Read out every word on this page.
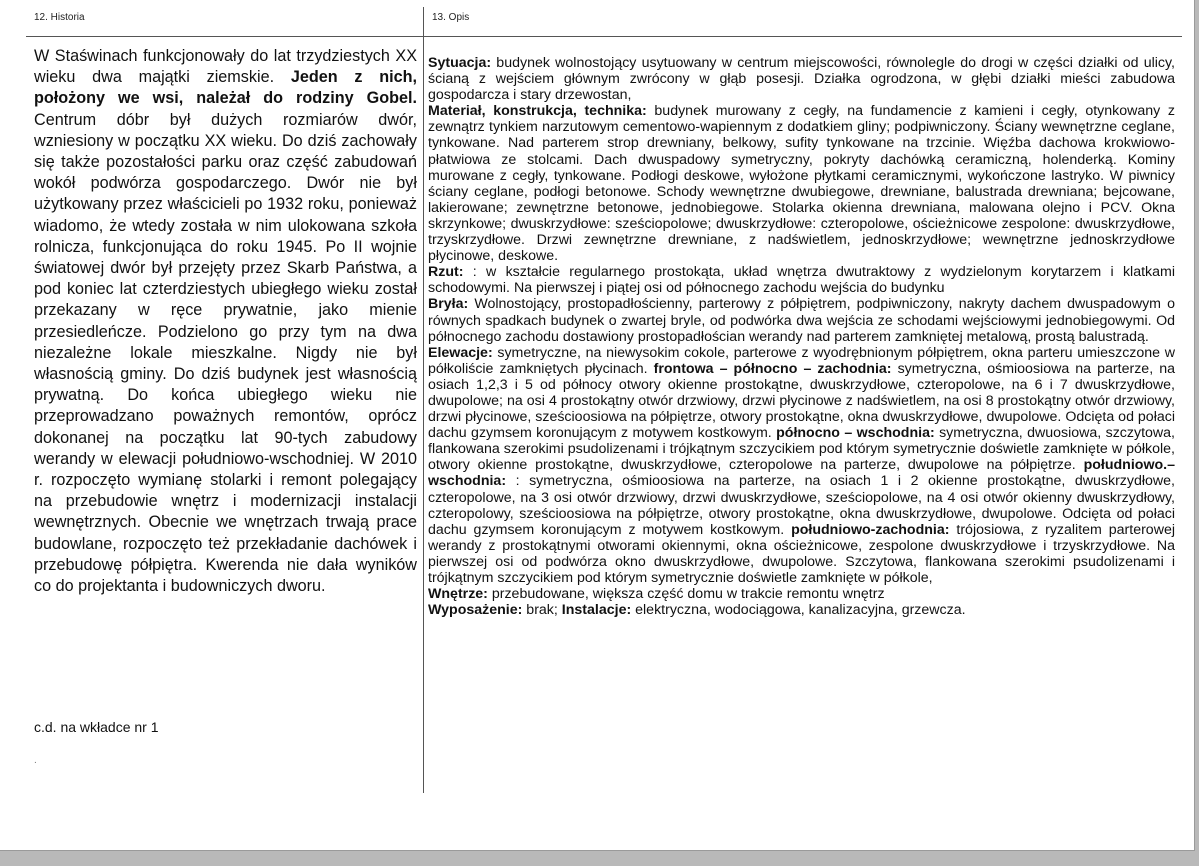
12. Historia	13. Opis

W Staświnach funkcjonowały do lat trzydziestych XX wieku dwa majątki ziemskie. Jeden z nich, położony we wsi, należał do rodziny Gobel. Centrum dóbr był dużych rozmiarów dwór, wzniesiony w początku XX wieku. Do dziś zachowały się także pozostałości parku oraz część zabudowań wokół podwórza gospodarczego. Dwór nie był użytkowany przez właścicieli po 1932 roku, ponieważ wiadomo, że wtedy została w nim ulokowana szkoła rolnicza, funkcjonująca do roku 1945. Po II wojnie światowej dwór był przejęty przez Skarb Państwa, a pod koniec lat czterdziestych ubiegłego wieku został przekazany w ręce prywatnie, jako mienie przesiedleńcze. Podzielono go przy tym na dwa niezależne lokale mieszkalne. Nigdy nie był własnością gminy. Do dziś budynek jest własnością prywatną. Do końca ubiegłego wieku nie przeprowadzano poważnych remontów, oprócz dokonanej na początku lat 90-tych zabudowy werandy w elewacji południowo-wschodniej. W 2010 r. rozpoczęto wymianę stolarki i remont polegający na przebudowie wnętrz i modernizacji instalacji wewnętrznych. Obecnie we wnętrzach trwają prace budowlane, rozpoczęto też przekładanie dachówek i przebudowę półpiętra. Kwerenda nie dała wyników co do projektanta i budowniczych dworu.

c.d. na wkładce nr 1
.

Sytuacja: budynek wolnostojący usytuowany w centrum miejscowości, równolegle do drogi w części działki od ulicy, ścianą z wejściem głównym zwrócony w głąb posesji. Działka ogrodzona, w głębi działki mieści zabudowa gospodarcza i stary drzewostan,

Materiał, konstrukcja, technika: budynek murowany z cegły, na fundamencie z kamieni i cegły, otynkowany z zewnątrz tynkiem narzutowym cementowo-wapiennym z dodatkiem gliny; podpiwniczony. Ściany wewnętrzne ceglane, tynkowane. Nad parterem strop drewniany, belkowy, sufity tynkowane na trzcinie. Więźba dachowa krokwiowo-płatwiowa ze stolcami. Dach dwuspadowy symetryczny, pokryty dachówką ceramiczną, holenderką. Kominy murowane z cegły, tynkowane. Podłogi deskowe, wyłożone płytkami ceramicznymi, wykończone lastryko. W piwnicy ściany ceglane, podłogi betonowe. Schody wewnętrzne dwubiegowe, drewniane, balustrada drewniana; bejcowane, lakierowane; zewnętrzne betonowe, jednobiegowe. Stolarka okienna drewniana, malowana olejno i PCV. Okna skrzynkowe; dwuskrzydłowe: sześciopolowe; dwuskrzydłowe: czteropolowe, ościeżnicowe zespolone: dwuskrzydłowe, trzyskrzydłowe. Drzwi zewnętrzne drewniane, z nadświetlem, jednoskrzydłowe; wewnętrzne jednoskrzydłowe płycinowe, deskowe.

Rzut: : w kształcie regularnego prostokąta, układ wnętrza dwutraktowy z wydzielonym korytarzem i klatkami schodowymi. Na pierwszej i piątej osi od północnego zachodu wejścia do budynku

Bryła: Wolnostojący, prostopadłościenny, parterowy z półpiętrem, podpiwniczony, nakryty dachem dwuspadowym o równych spadkach budynek o zwartej bryle, od podwórka dwa wejścia ze schodami wejściowymi jednobiegowymi. Od północnego zachodu dostawiony prostopadłościan werandy nad parterem zamkniętej metalową, prostą balustradą.

Elewacje: symetryczne, na niewysokim cokole, parterowe z wyodrębnionym półpiętrem, okna parteru umieszczone w półkoliście zamkniętych płycinach. frontowa – północno – zachodnia: symetryczna, ośmioosiowa na parterze, na osiach 1,2,3 i 5 od północy otwory okienne prostokątne, dwuskrzydłowe, czteropolowe, na 6 i 7 dwuskrzydłowe, dwupolowe; na osi 4 prostokątny otwór drzwiowy, drzwi płycinowe z nadświetlem, na osi 8 prostokątny otwór drzwiowy, drzwi płycinowe, sześcioosiowa na półpiętrze, otwory prostokątne, okna dwuskrzydłowe, dwupolowe. Odcięta od połaci dachu gzymsem koronującym z motywem kostkowym. północno – wschodnia: symetryczna, dwuosiowa, szczytowa, flankowana szerokimi psudolizenami i trójkątnym szczycikiem pod którym symetrycznie doświetle zamknięte w półkole, otwory okienne prostokątne, dwuskrzydłowe, czteropolowe na parterze, dwupolowe na półpiętrze. południowo.–wschodnia: : symetryczna, ośmioosiowa na parterze, na osiach 1 i 2 okienne prostokątne, dwuskrzydłowe, czteropolowe, na 3 osi otwór drzwiowy, drzwi dwuskrzydłowe, sześciopolowe, na 4 osi otwór okienny dwuskrzydłowy, czteropolowy, sześcioosiowa na półpiętrze, otwory prostokątne, okna dwuskrzydłowe, dwupolowe. Odcięta od połaci dachu gzymsem koronującym z motywem kostkowym. południowo-zachodnia: trójosiowa, z ryzalitem parterowej werandy z prostokątnymi otworami okiennymi, okna ościeżnicowe, zespolone dwuskrzydłowe i trzyskrzydłowe. Na pierwszej osi od podwórza okno dwuskrzydłowe, dwupolowe. Szczytowa, flankowana szerokimi psudolizenami i trójkątnym szczycikiem pod którym symetrycznie doświetle zamknięte w półkole,

Wnętrze: przebudowane, większa część domu w trakcie remontu wnętrz

Wyposażenie: brak; Instalacje: elektryczna, wodociągowa, kanalizacyjna, grzewcza.
